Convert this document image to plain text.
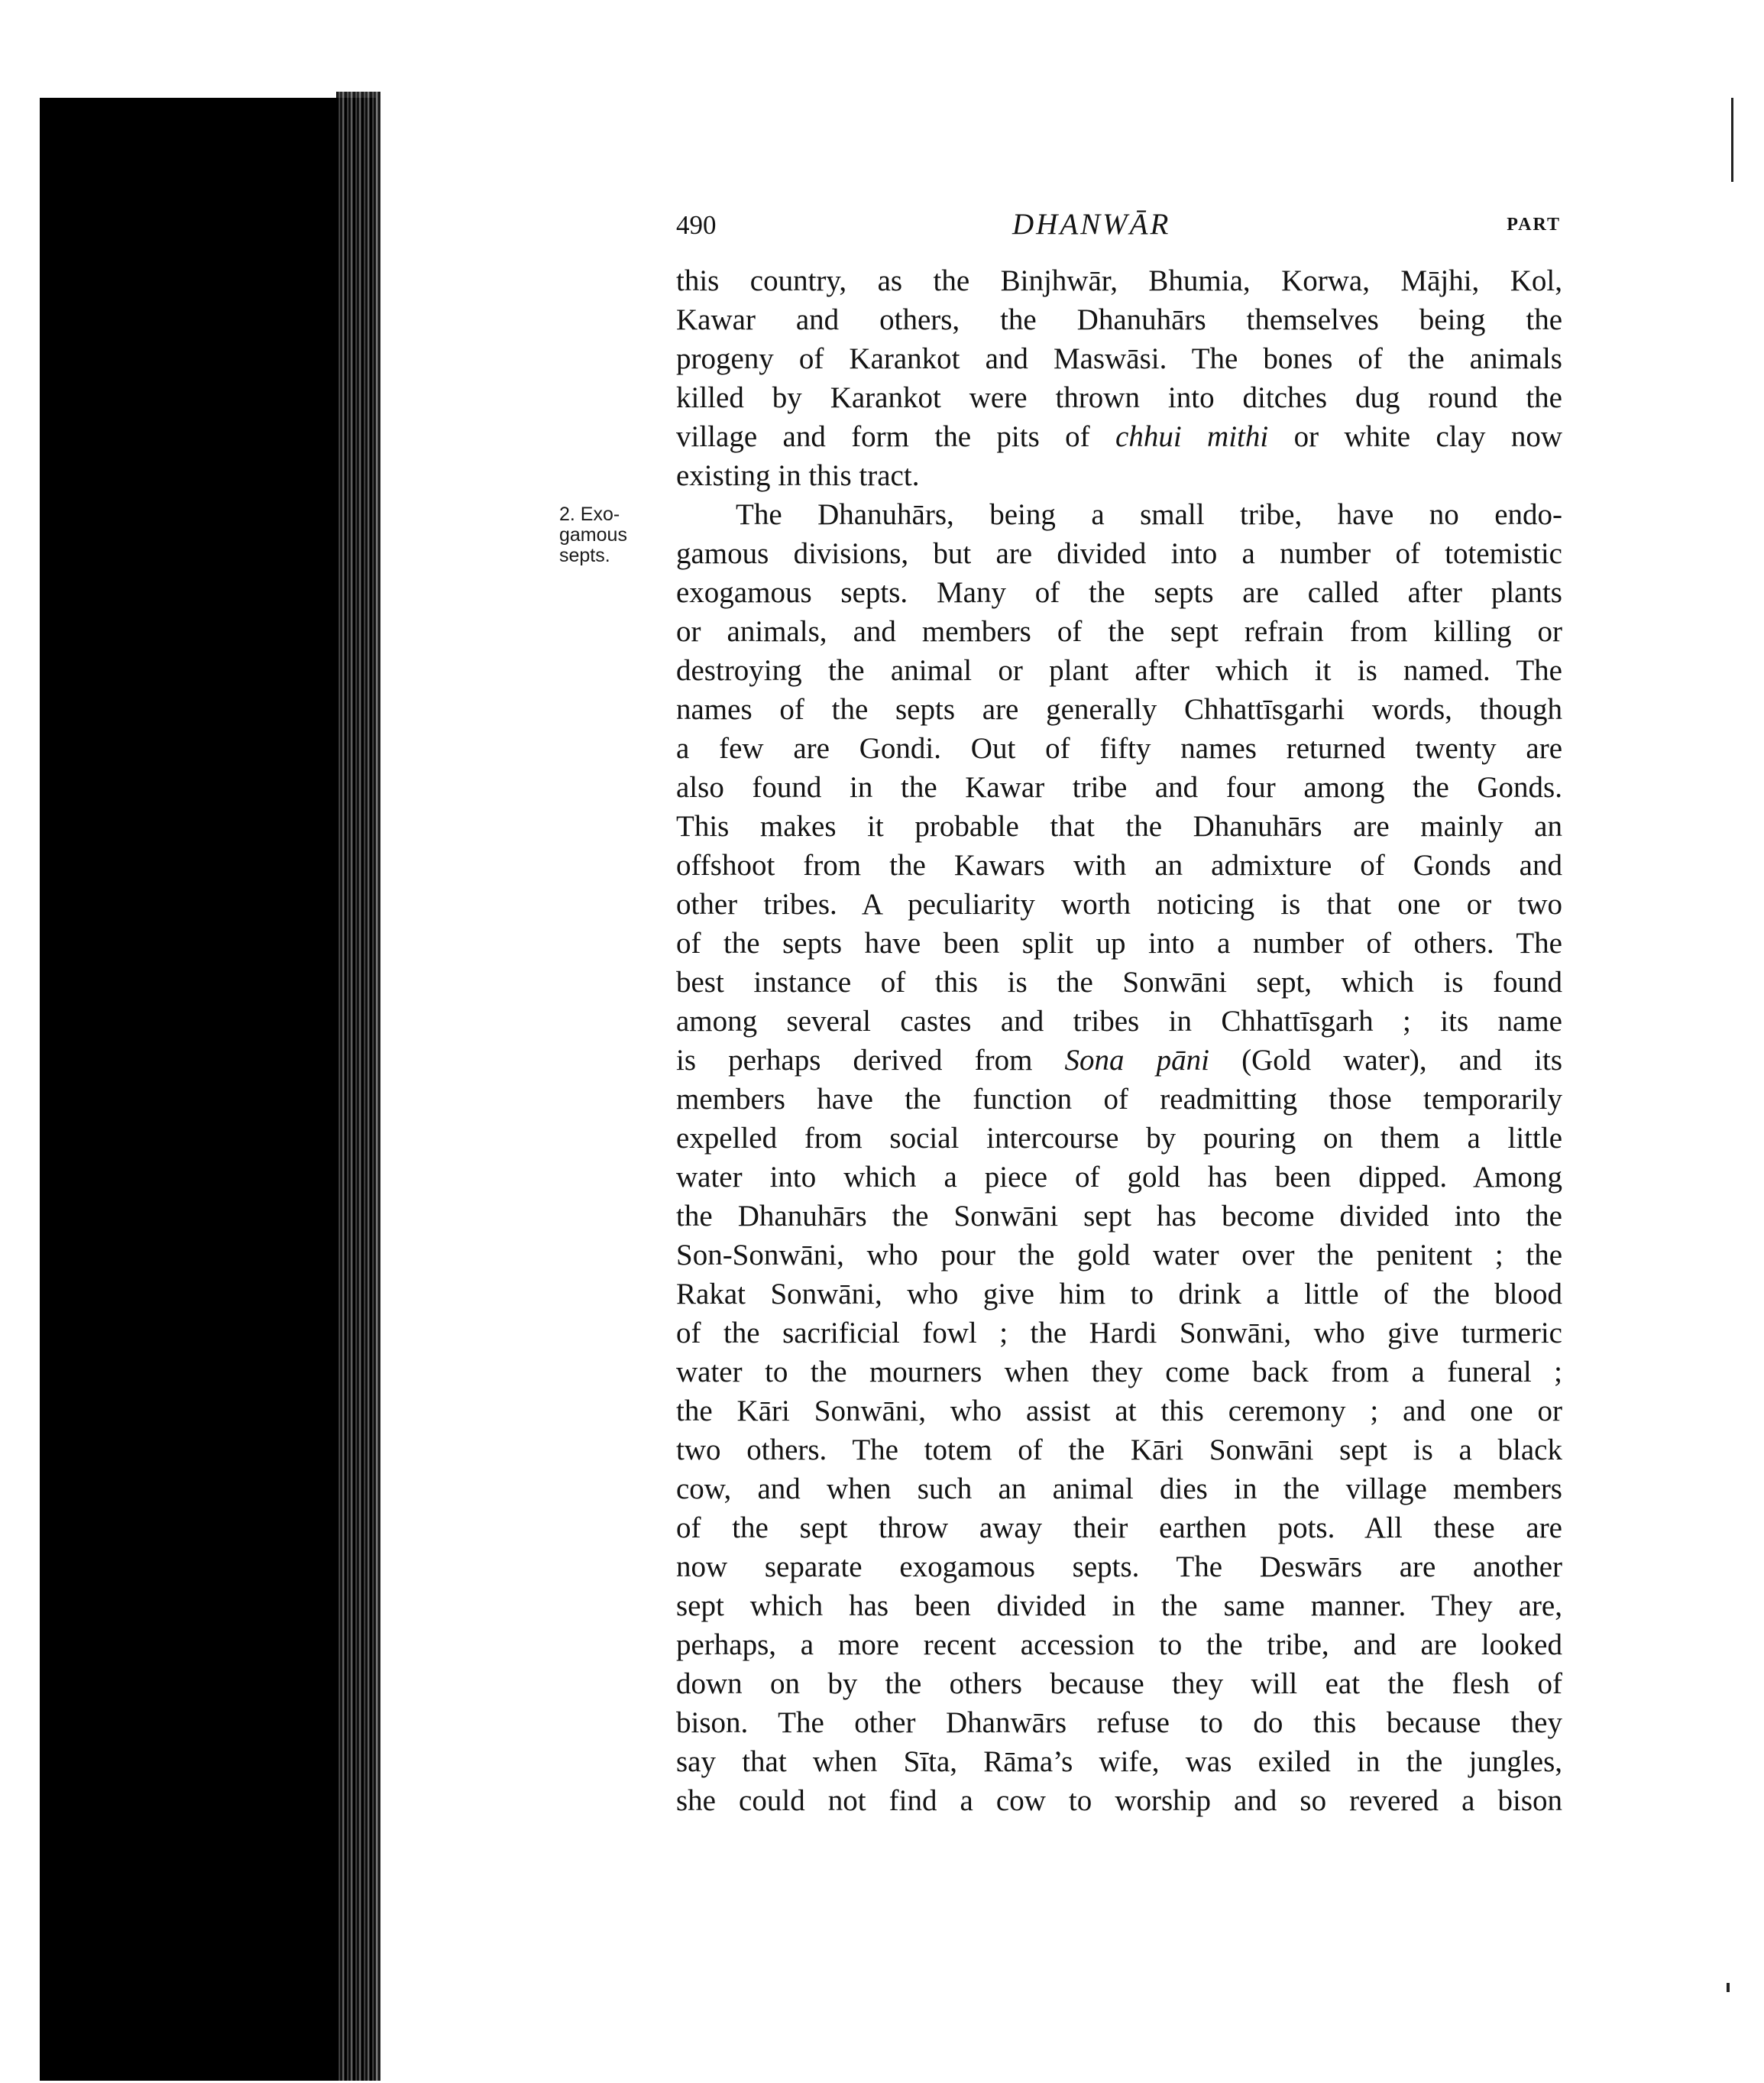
490	DHANWĀR	PART
2. Exo-
gamous
septs.
this country, as the Binjhwār, Bhumia, Korwa, Mājhi, Kol,
Kawar and others, the Dhanuhārs themselves being the
progeny of Karankot and Maswāsi. The bones of the animals
killed by Karankot were thrown into ditches dug round the
village and form the pits of chhui mithi or white clay now
existing in this tract.
The Dhanuhārs, being a small tribe, have no endo-
gamous divisions, but are divided into a number of totemistic
exogamous septs. Many of the septs are called after plants
or animals, and members of the sept refrain from killing or
destroying the animal or plant after which it is named. The
names of the septs are generally Chhattīsgarhi words, though
a few are Gondi. Out of fifty names returned twenty are
also found in the Kawar tribe and four among the Gonds.
This makes it probable that the Dhanuhārs are mainly an
offshoot from the Kawars with an admixture of Gonds and
other tribes. A peculiarity worth noticing is that one or two
of the septs have been split up into a number of others. The
best instance of this is the Sonwāni sept, which is found
among several castes and tribes in Chhattīsgarh ; its name
is perhaps derived from Sona pāni (Gold water), and its
members have the function of readmitting those temporarily
expelled from social intercourse by pouring on them a little
water into which a piece of gold has been dipped. Among
the Dhanuhārs the Sonwāni sept has become divided into the
Son-Sonwāni, who pour the gold water over the penitent ; the
Rakat Sonwāni, who give him to drink a little of the blood
of the sacrificial fowl ; the Hardi Sonwāni, who give turmeric
water to the mourners when they come back from a funeral ;
the Kāri Sonwāni, who assist at this ceremony ; and one or
two others. The totem of the Kāri Sonwāni sept is a black
cow, and when such an animal dies in the village members
of the sept throw away their earthen pots. All these are
now separate exogamous septs. The Deswārs are another
sept which has been divided in the same manner. They are,
perhaps, a more recent accession to the tribe, and are looked
down on by the others because they will eat the flesh of
bison. The other Dhanwārs refuse to do this because they
say that when Sīta, Rāma’s wife, was exiled in the jungles,
she could not find a cow to worship and so revered a bison
